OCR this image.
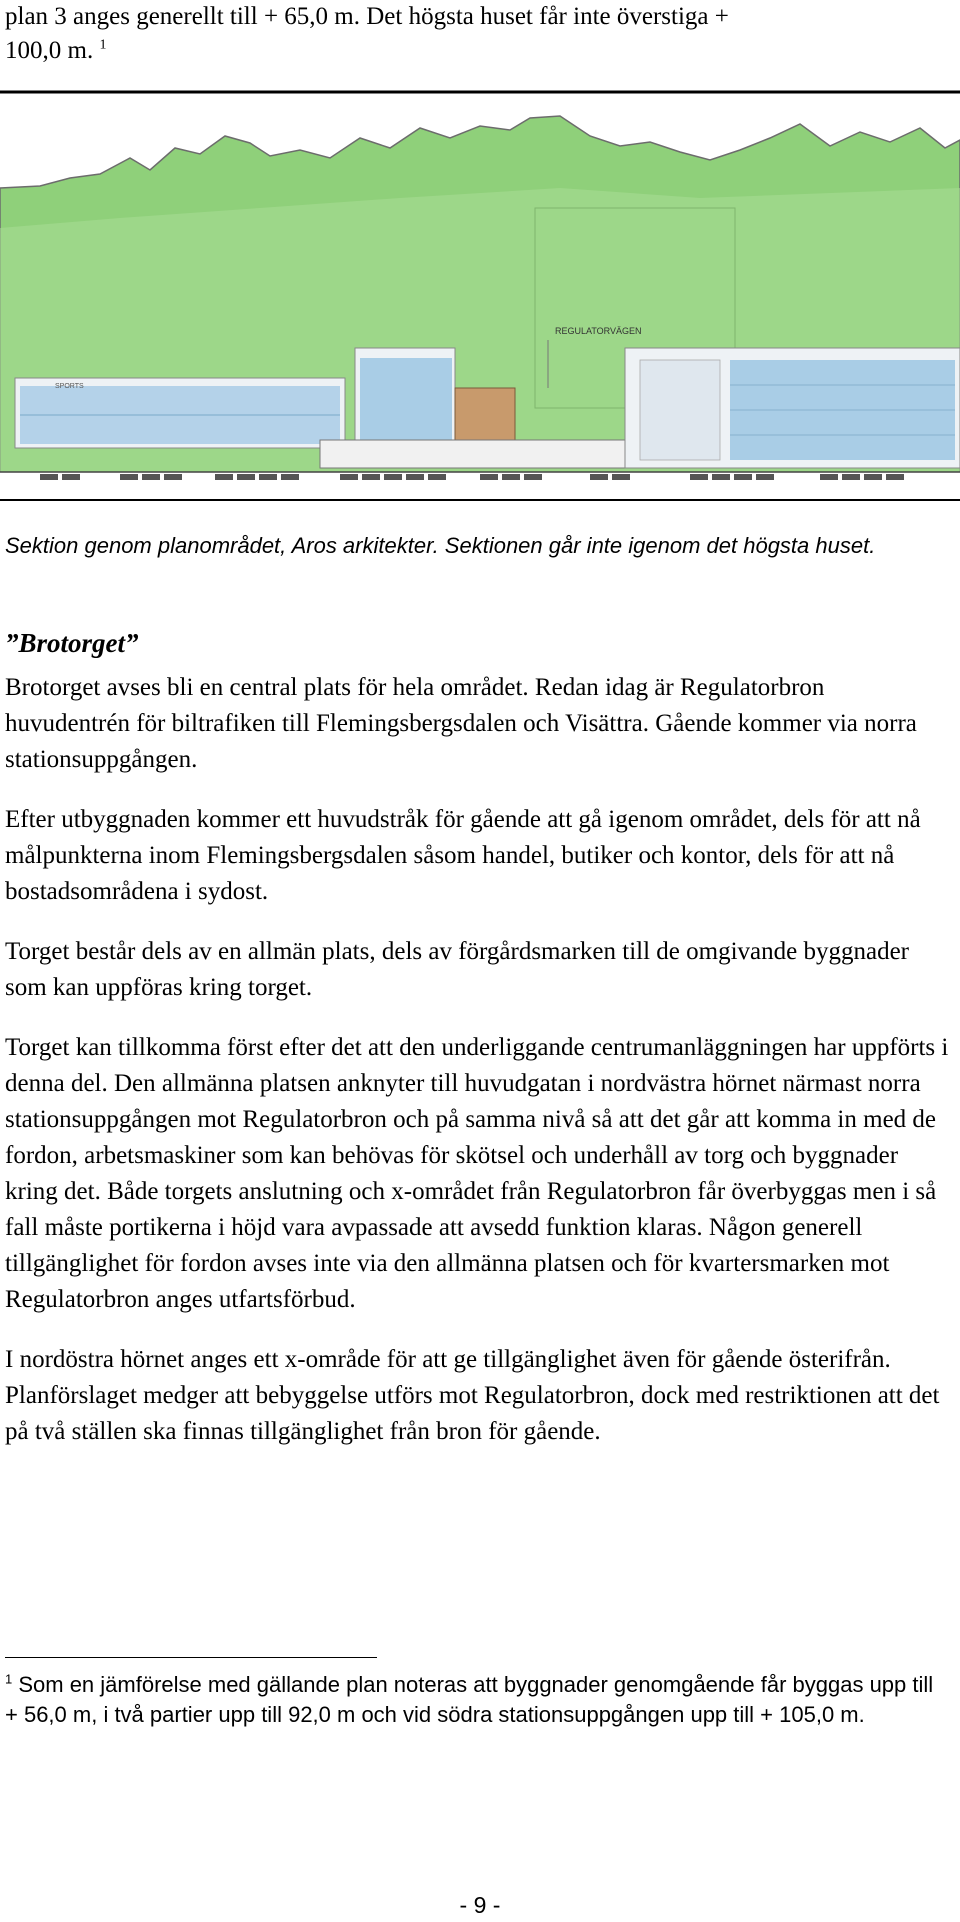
plan 3 anges generellt till + 65,0 m. Det högsta huset får inte överstiga +
100,0 m. $^1$
SPORTS
REGULATORVÄGEN
Sektion genom planområdet, Aros arkitekter. Sektionen går inte igenom det högsta huset.
”Brotorget”

Brotorget avses bli en central plats för hela området. Redan idag är Regulatorbron huvudentrén för biltrafiken till Flemingsbergsdalen och Visättra. Gående kommer via norra stationsuppgången.

Efter utbyggnaden kommer ett huvudstråk för gående att gå igenom området, dels för att nå målpunkterna inom Flemingsbergsdalen såsom handel, butiker och kontor, dels för att nå bostadsområdena i sydost.

Torget består dels av en allmän plats, dels av förgårdsmarken till de omgivande byggnader som kan uppföras kring torget.

Torget kan tillkomma först efter det att den underliggande centrumanläggningen har uppförts i denna del. Den allmänna platsen anknyter till huvudgatan i nordvästra hörnet närmast norra stationsuppgången mot Regulatorbron och på samma nivå så att det går att komma in med de fordon, arbetsmaskiner som kan behövas för skötsel och underhåll av torg och byggnader kring det. Både torgets anslutning och x-området från Regulatorbron får överbyggas men i så fall måste portikerna i höjd vara avpassade att avsedd funktion klaras. Någon generell tillgänglighet för fordon avses inte via den allmänna platsen och för kvartersmarken mot Regulatorbron anges utfartsförbud.

I nordöstra hörnet anges ett x-område för att ge tillgänglighet även för gående österifrån. Planförslaget medger att bebyggelse utförs mot Regulatorbron, dock med restriktionen att det på två ställen ska finnas tillgänglighet från bron för gående.

$^1$ Som en jämförelse med gällande plan noteras att byggnader genomgående får byggas upp till + 56,0 m, i två partier upp till 92,0 m och vid södra stationsuppgången upp till + 105,0 m.
- 9 -
